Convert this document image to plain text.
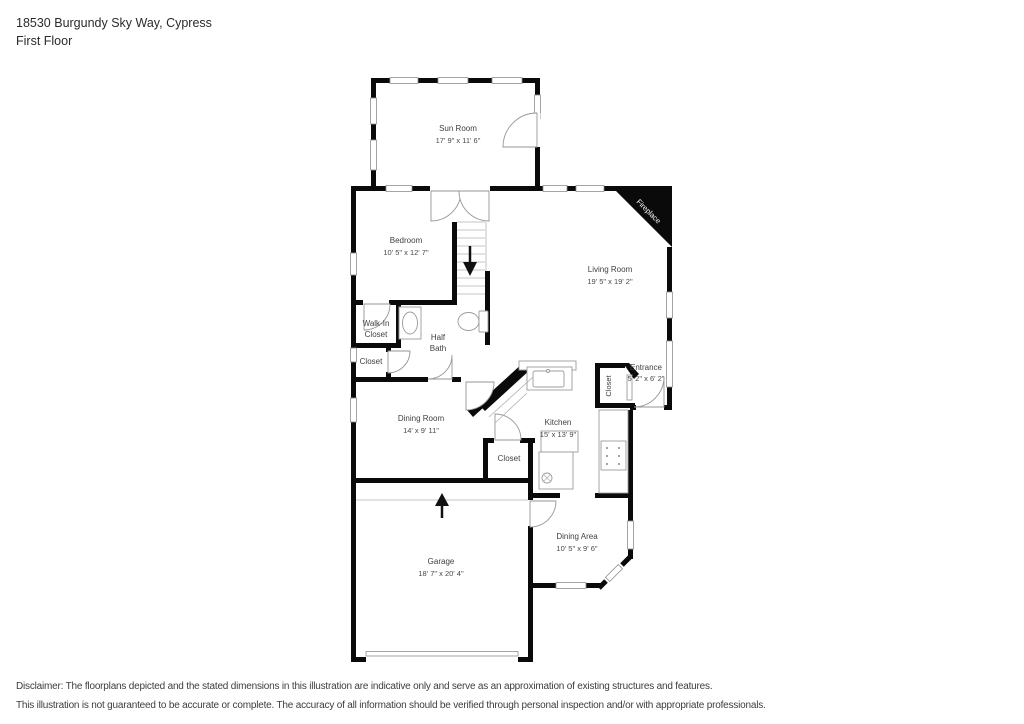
18530 Burgundy Sky Way, Cypress
First Floor
Sun Room
17' 9" x 11' 6"
Bedroom
10' 5" x 12' 7"
Living Room
19' 5" x 19' 2"
Walk-In
Closet	Half
Bath
Closet
Dining Room
14' x 9' 11"
Kitchen
15' x 13' 9"
Entrance
5' 2" x 6' 2"
Closet
Closet
Dining Area
10' 5" x 9' 6"
Garage
18' 7" x 20' 4"
Fireplace
Disclaimer: The floorplans depicted and the stated dimensions in this illustration are indicative only and serve as an approximation of existing structures and features.
This illustration is not guaranteed to be accurate or complete. The accuracy of all information should be verified through personal inspection and/or with appropriate professionals.
